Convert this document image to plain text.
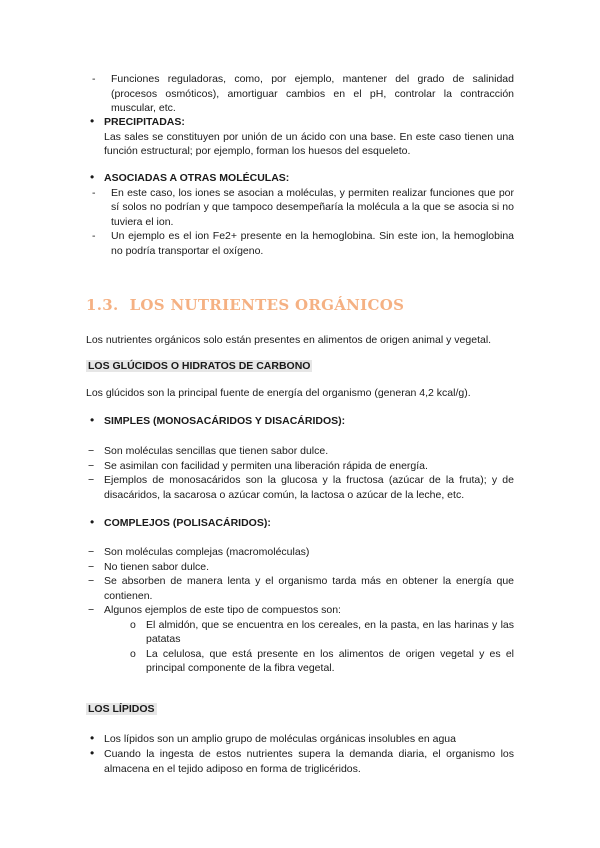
- Funciones reguladoras, como, por ejemplo, mantener del grado de salinidad
(procesos osmóticos), amortiguar cambios en el pH, controlar la contracción
muscular, etc.
• PRECIPITADAS:
Las sales se constituyen por unión de un ácido con una base. En este caso tienen una
función estructural; por ejemplo, forman los huesos del esqueleto.
• ASOCIADAS A OTRAS MOLÉCULAS:
- En este caso, los iones se asocian a moléculas, y permiten realizar funciones que por
sí solos no podrían y que tampoco desempeñaría la molécula a la que se asocia si no
tuviera el ion.
- Un ejemplo es el ion Fe2+ presente en la hemoglobina. Sin este ion, la hemoglobina
no podría transportar el oxígeno.
1.3. LOS NUTRIENTES ORGÁNICOS
Los nutrientes orgánicos solo están presentes en alimentos de origen animal y vegetal.
LOS GLÚCIDOS O HIDRATOS DE CARBONO
Los glúcidos son la principal fuente de energía del organismo (generan 4,2 kcal/g).
• SIMPLES (MONOSACÁRIDOS Y DISACÁRIDOS):
− Son moléculas sencillas que tienen sabor dulce.
− Se asimilan con facilidad y permiten una liberación rápida de energía.
− Ejemplos de monosacáridos son la glucosa y la fructosa (azúcar de la fruta); y de
disacáridos, la sacarosa o azúcar común, la lactosa o azúcar de la leche, etc.
• COMPLEJOS (POLISACÁRIDOS):
− Son moléculas complejas (macromoléculas)
− No tienen sabor dulce.
− Se absorben de manera lenta y el organismo tarda más en obtener la energía que
contienen.
− Algunos ejemplos de este tipo de compuestos son:
o El almidón, que se encuentra en los cereales, en la pasta, en las harinas y las
patatas
o La celulosa, que está presente en los alimentos de origen vegetal y es el
principal componente de la fibra vegetal.
LOS LÍPIDOS
• Los lípidos son un amplio grupo de moléculas orgánicas insolubles en agua
• Cuando la ingesta de estos nutrientes supera la demanda diaria, el organismo los
almacena en el tejido adiposo en forma de triglicéridos.
